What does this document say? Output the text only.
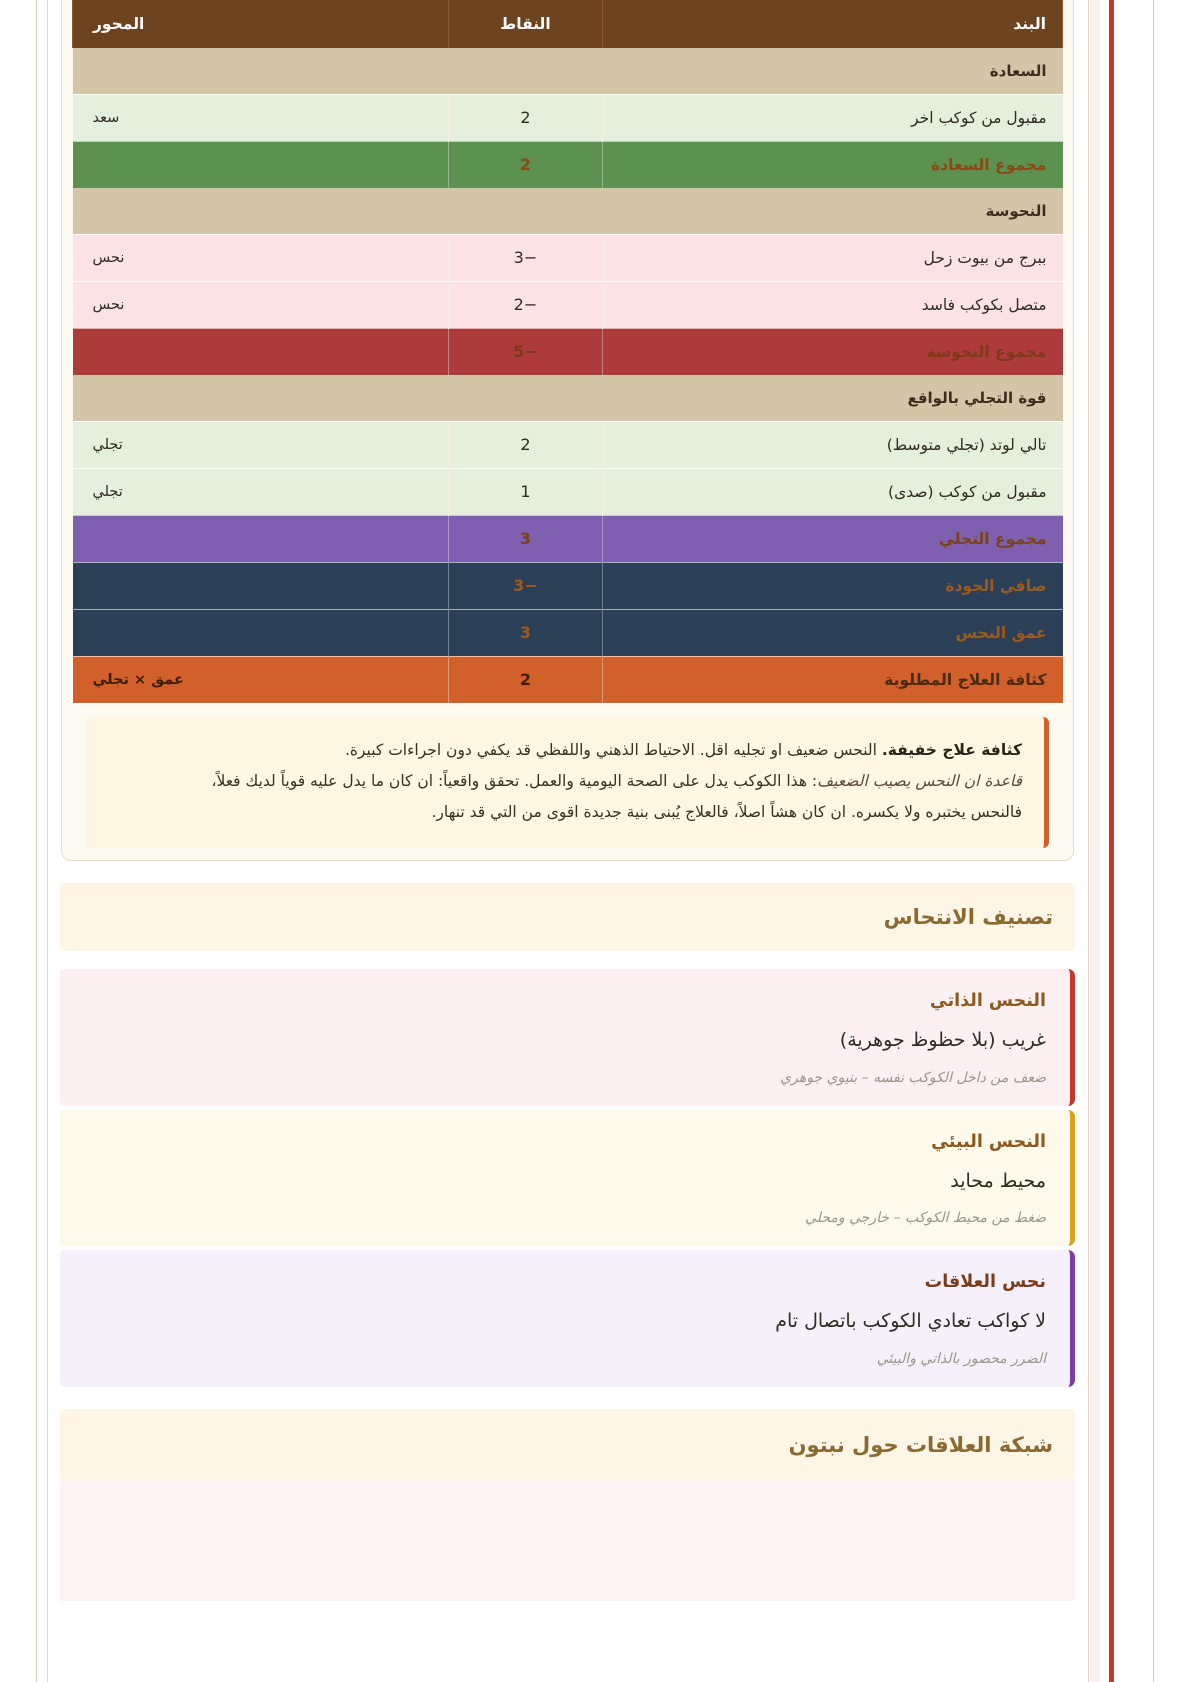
البند	النقاط	المحور
السعادة		
مقبول من كوكب اخر	2	سعد
مجموع السعادة	2	
النحوسة		
ببرج من بيوت زحل	−3	نحس
متصل بكوكب فاسد	−2	نحس
مجموع النحوسة	−5	
قوة التجلي بالواقع		
تالي لوتد (تجلي متوسط)	2	تجلي
مقبول من كوكب (صدى)	1	تجلي
مجموع التجلي	3	
صافي الجودة	−3	
عمق النحس	3	
كثافة العلاج المطلوبة	2	عمق × تجلي
كثافة علاج خفيفة. النحس ضعيف او تجليه اقل. الاحتياط الذهني واللفظي قد يكفي دون اجراءات كبيرة.
قاعدة ان النحس يصيب الضعيف: هذا الكوكب يدل على الصحة اليومية والعمل. تحقق واقعياً: ان كان ما يدل عليه قوياً لديك فعلاً،
فالنحس يختبره ولا يكسره. ان كان هشاً اصلاً، فالعلاج يُبنى بنية جديدة اقوى من التي قد تنهار.
تصنيف الانتحاس
النحس الذاتي
غريب (بلا حظوظ جوهرية)
ضعف من داخل الكوكب نفسه – بنيوي جوهري
النحس البيئي
محيط محايد
ضغط من محيط الكوكب – خارجي ومحلي
نحس العلاقات
لا كواكب تعادي الكوكب باتصال تام
الضرر محصور بالذاتي والبيئي
شبكة العلاقات حول نبتون
